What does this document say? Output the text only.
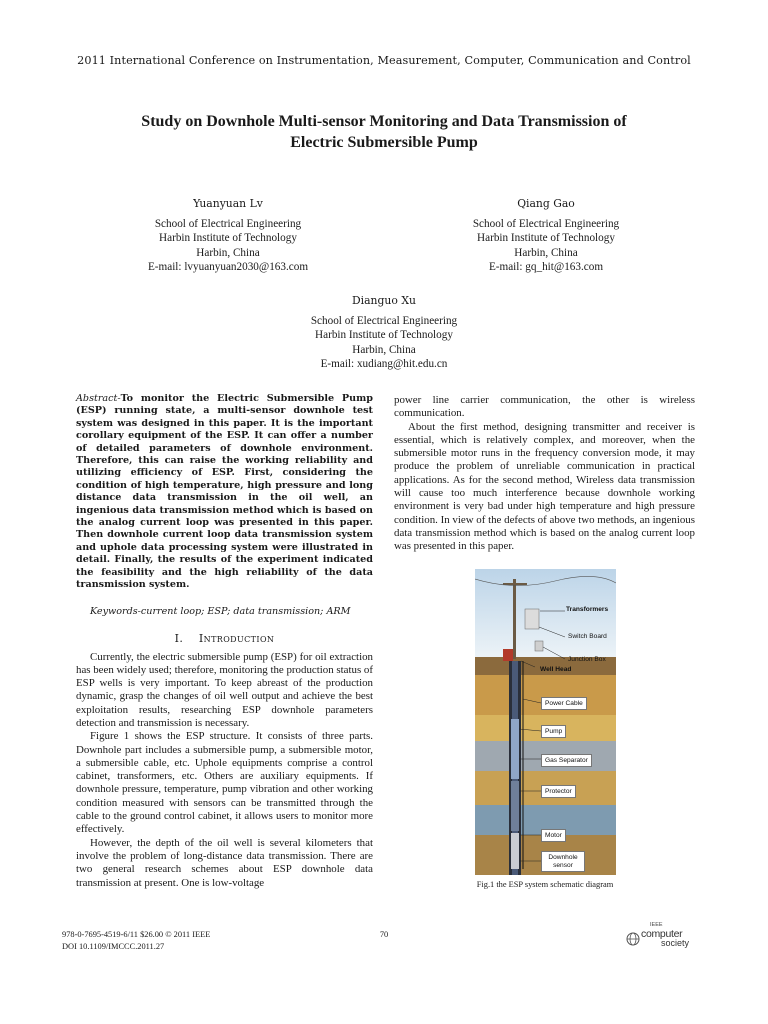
2011 International Conference on Instrumentation, Measurement, Computer, Communication and Control
Study on Downhole Multi-sensor Monitoring and Data Transmission of
Electric Submersible Pump
Yuanyuan Lv
School of Electrical Engineering
Harbin Institute of Technology
Harbin, China
E-mail: lvyuanyuan2030@163.com
Qiang Gao
School of Electrical Engineering
Harbin Institute of Technology
Harbin, China
E-mail: gq_hit@163.com
Dianguo Xu
School of Electrical Engineering
Harbin Institute of Technology
Harbin, China
E-mail: xudiang@hit.edu.cn
Abstract-To monitor the Electric Submersible Pump (ESP) running state, a multi-sensor downhole test system was designed in this paper. It is the important corollary equipment of the ESP. It can offer a number of detailed parameters of downhole environment. Therefore, this can raise the working reliability and utilizing efficiency of ESP. First, considering the condition of high temperature, high pressure and long distance data transmission in the oil well, an ingenious data transmission method which is based on the analog current loop was presented in this paper. Then downhole current loop data transmission system and uphole data processing system were illustrated in detail. Finally, the results of the experiment indicated the feasibility and the high reliability of the data transmission system.
Keywords-current loop; ESP; data transmission; ARM
I. Introduction

Currently, the electric submersible pump (ESP) for oil extraction has been widely used; therefore, monitoring the production status of ESP wells is very important. To keep abreast of the production dynamic, grasp the changes of oil well output and achieve the best exploitation results, researching ESP downhole parameters detection and transmission is necessary.

Figure 1 shows the ESP structure. It consists of three parts. Downhole part includes a submersible pump, a submersible motor, a submersible cable, etc. Uphole equipments comprise a control cabinet, transformers, etc. Others are auxiliary equipments. If downhole pressure, temperature, pump vibration and other working condition measured with sensors can be transmitted through the cable to the ground control cabinet, it allows users to monitor more effectively.

However, the depth of the oil well is several kilometers that involve the problem of long-distance data transmission. There are two general research schemes about ESP downhole data transmission at present. One is low-voltage

power line carrier communication, the other is wireless communication.

About the first method, designing transmitter and receiver is essential, which is relatively complex, and moreover, when the submersible motor runs in the frequency conversion mode, it may produce the problem of unreliable communication in practical applications. As for the second method, Wireless data transmission will cause too much interference because downhole working environment is very bad under high temperature and high pressure condition. In view of the defects of above two methods, an ingenious data transmission method which is based on the analog current loop was presented in this paper.

Transformers
Switch Board
Junction Box
Well Head
Power Cable
Pump
Gas Separator
Protector
Motor
Downhole sensor
Fig.1 the ESP system schematic diagram
978-0-7695-4519-6/11 $26.00 © 2011 IEEE
DOI 10.1109/IMCCC.2011.27
70
IEEE
computer
society
